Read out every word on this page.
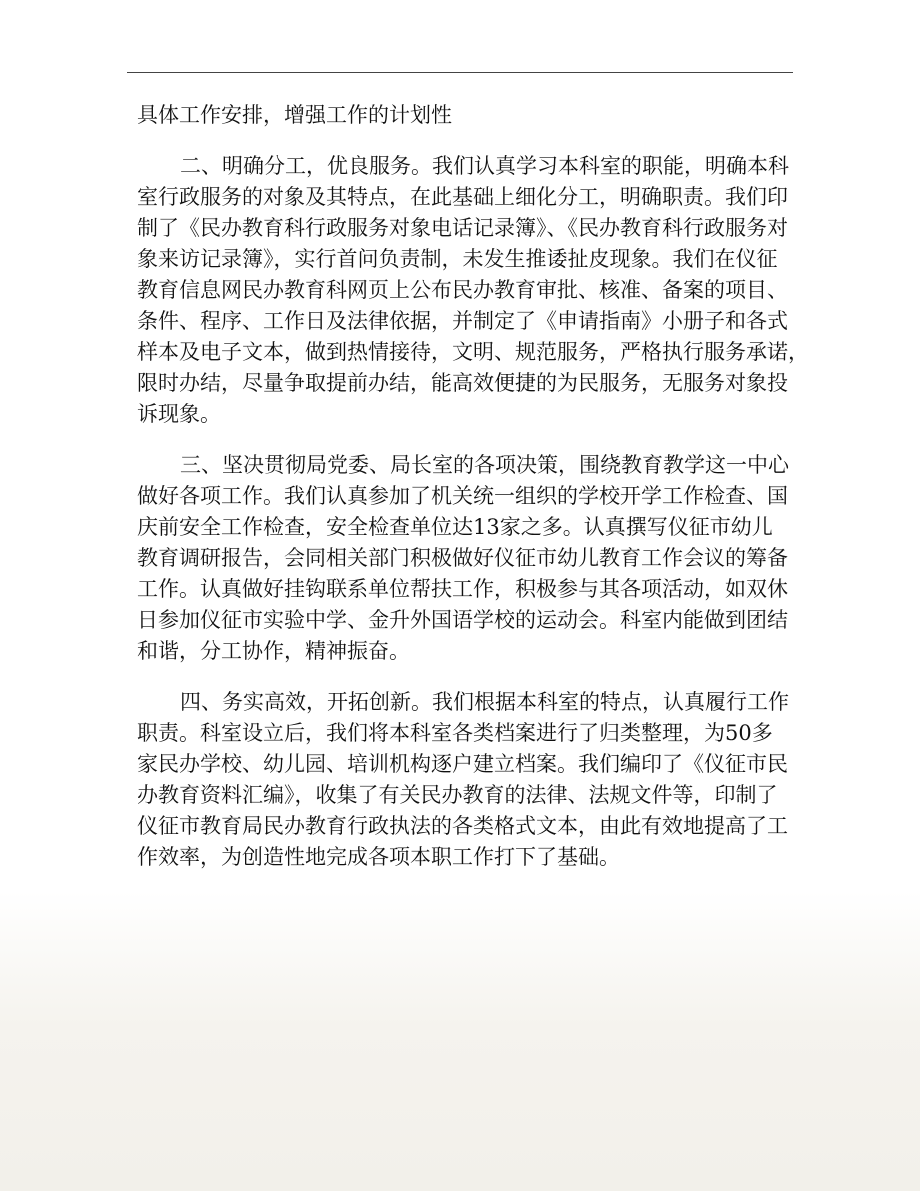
具体工作安排，增强工作的计划性
二、明确分工，优良服务。我们认真学习本科室的职能，明确本科
室行政服务的对象及其特点，在此基础上细化分工，明确职责。我们印
制了《民办教育科行政服务对象电话记录簿》、《民办教育科行政服务对
象来访记录簿》，实行首问负责制，未发生推诿扯皮现象。我们在仪征
教育信息网民办教育科网页上公布民办教育审批、核准、备案的项目、
条件、程序、工作日及法律依据，并制定了《申请指南》小册子和各式
样本及电子文本，做到热情接待，文明、规范服务，严格执行服务承诺，
限时办结，尽量争取提前办结，能高效便捷的为民服务，无服务对象投
诉现象。
三、坚决贯彻局党委、局长室的各项决策，围绕教育教学这一中心
做好各项工作。我们认真参加了机关统一组织的学校开学工作检查、国
庆前安全工作检查，安全检查单位达13家之多。认真撰写仪征市幼儿
教育调研报告，会同相关部门积极做好仪征市幼儿教育工作会议的筹备
工作。认真做好挂钩联系单位帮扶工作，积极参与其各项活动，如双休
日参加仪征市实验中学、金升外国语学校的运动会。科室内能做到团结
和谐，分工协作，精神振奋。
四、务实高效，开拓创新。我们根据本科室的特点，认真履行工作
职责。科室设立后，我们将本科室各类档案进行了归类整理，为50多
家民办学校、幼儿园、培训机构逐户建立档案。我们编印了《仪征市民
办教育资料汇编》，收集了有关民办教育的法律、法规文件等，印制了
仪征市教育局民办教育行政执法的各类格式文本，由此有效地提高了工
作效率，为创造性地完成各项本职工作打下了基础。
